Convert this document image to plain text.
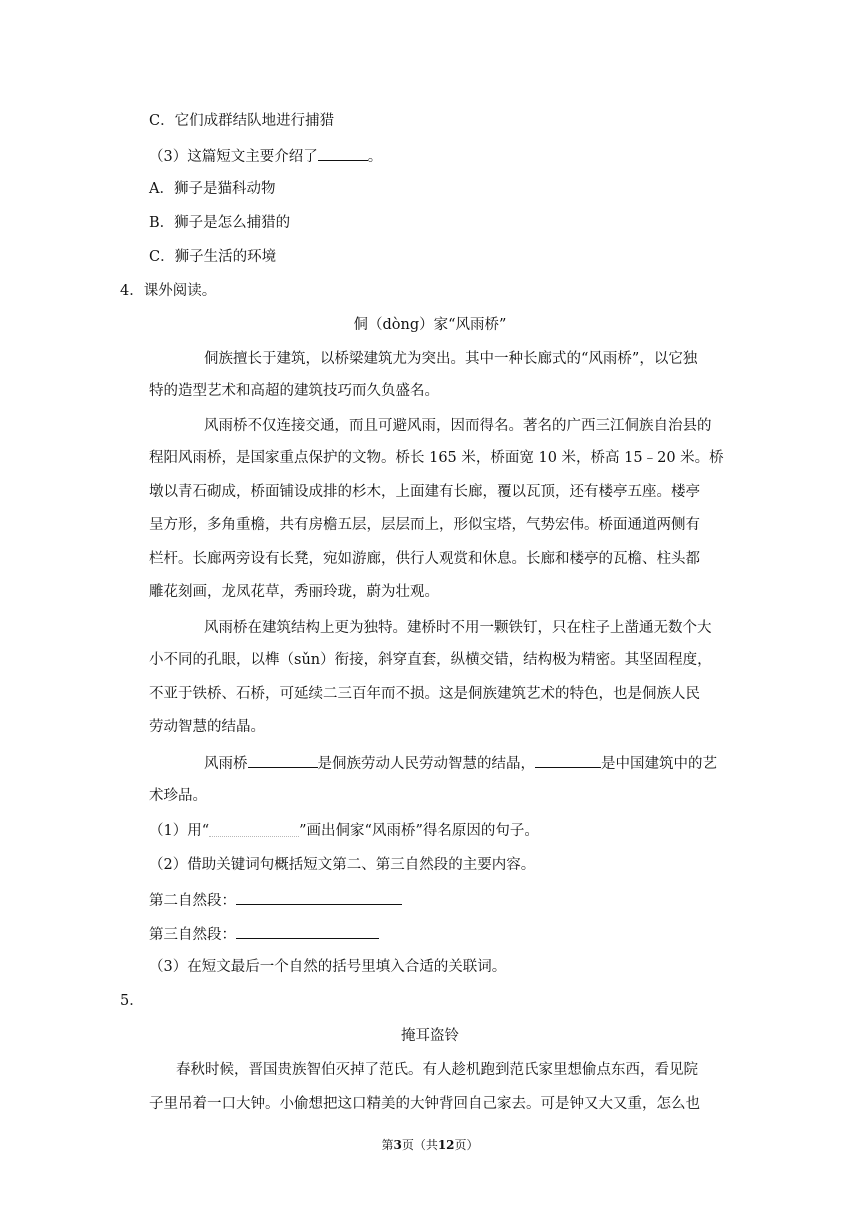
C．它们成群结队地进行捕猎
（3）这篇短文主要介绍了	。
A．狮子是猫科动物
B．狮子是怎么捕猎的
C．狮子生活的环境
4．课外阅读。
侗（dòng）家“风雨桥”
侗族擅长于建筑，以桥梁建筑尤为突出。其中一种长廊式的“风雨桥”，以它独
特的造型艺术和高超的建筑技巧而久负盛名。
风雨桥不仅连接交通，而且可避风雨，因而得名。著名的广西三江侗族自治县的
程阳风雨桥，是国家重点保护的文物。桥长 165 米，桥面宽 10 米，桥高 15﹣20 米。桥
墩以青石砌成，桥面铺设成排的杉木，上面建有长廊，覆以瓦顶，还有楼亭五座。楼亭
呈方形，多角重檐，共有房檐五层，层层而上，形似宝塔，气势宏伟。桥面通道两侧有
栏杆。长廊两旁设有长凳，宛如游廊，供行人观赏和休息。长廊和楼亭的瓦檐、柱头都
雕花刻画，龙凤花草，秀丽玲珑，蔚为壮观。
风雨桥在建筑结构上更为独特。建桥时不用一颗铁钉，只在柱子上凿通无数个大
小不同的孔眼，以榫（sǔn）衔接，斜穿直套，纵横交错，结构极为精密。其坚固程度，
不亚于铁桥、石桥，可延续二三百年而不损。这是侗族建筑艺术的特色，也是侗族人民
劳动智慧的结晶。
风雨桥	是侗族劳动人民劳动智慧的结晶，	是中国建筑中的艺
术珍品。
（1）用“	”画出侗家“风雨桥”得名原因的句子。
（2）借助关键词句概括短文第二、第三自然段的主要内容。
第二自然段：
第三自然段：
（3）在短文最后一个自然的括号里填入合适的关联词。
5．
掩耳盗铃
春秋时候，晋国贵族智伯灭掉了范氏。有人趁机跑到范氏家里想偷点东西，看见院
子里吊着一口大钟。小偷想把这口精美的大钟背回自己家去。可是钟又大又重，怎么也
第3页（共12页）
